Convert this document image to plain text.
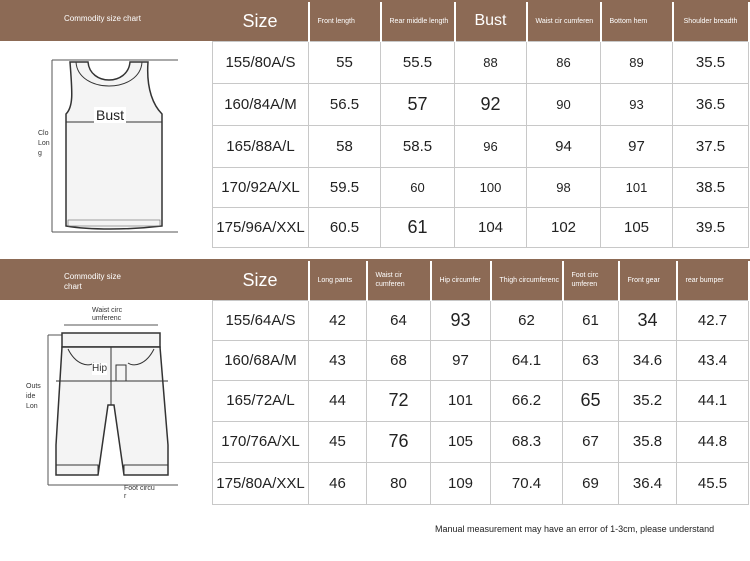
Commodity size chart
Bust
Clo
Lon
g
Size	Front length	Rear middle length	Bust	Waist cir cumferen	Bottom hem	Shoulder breadth
155/80A/S	55	55.5	88	86	89	35.5
160/84A/M	56.5	57	92	90	93	36.5
165/88A/L	58	58.5	96	94	97	37.5
170/92A/XL	59.5	60	100	98	101	38.5
175/96A/XXL	60.5	61	104	102	105	39.5
Commodity size chart
Waist circ
umferenc
Hip
Outs
ide
Lon
Foot circu
r
Size	Long pants	Waist cir cumferen	Hip circumfer	Thigh circumferenc	Foot circ umferen	Front gear	rear bumper
155/64A/S	42	64	93	62	61	34	42.7
160/68A/M	43	68	97	64.1	63	34.6	43.4
165/72A/L	44	72	101	66.2	65	35.2	44.1
170/76A/XL	45	76	105	68.3	67	35.8	44.8
175/80A/XXL	46	80	109	70.4	69	36.4	45.5
Manual measurement may have an error of 1-3cm, please understand
